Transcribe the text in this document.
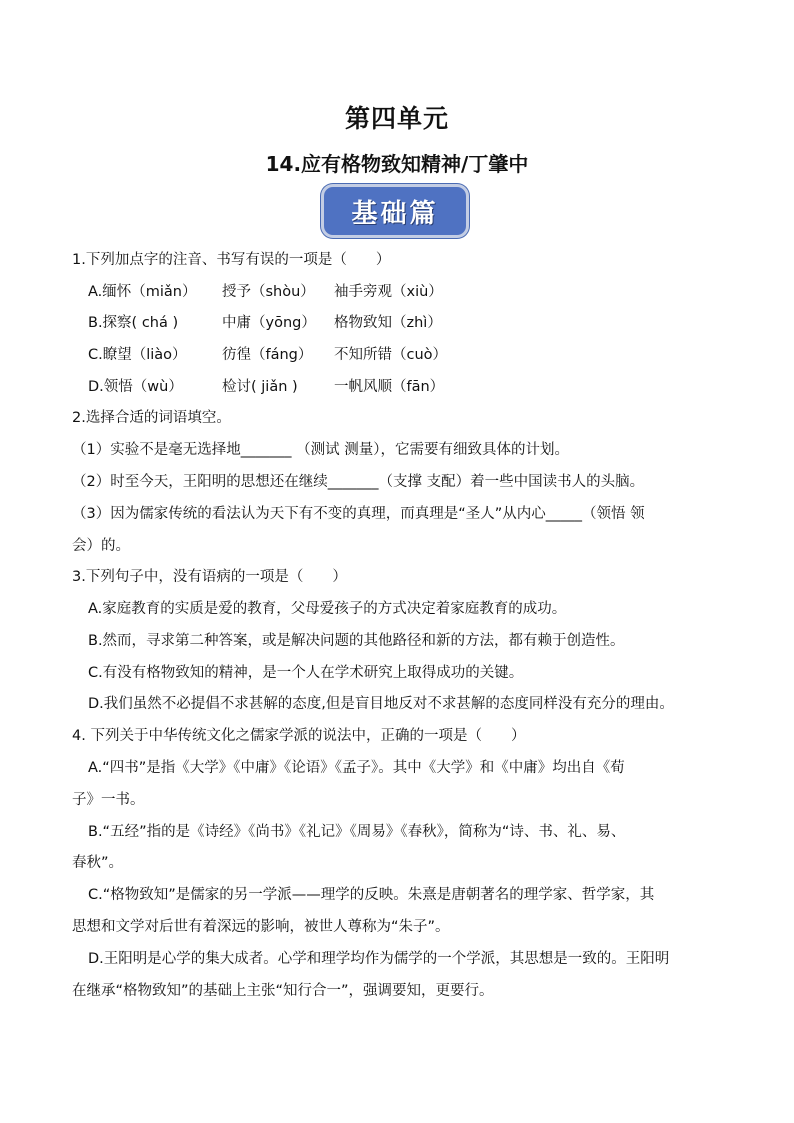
第四单元
14.应有格物致知精神/丁肇中
基础篇
1.下列加点字的注音、书写有误的一项是（　　）
A.缅怀（miǎn） 授予（shòu） 袖手旁观（xiù）
B.探察( chá )	中庸（yōng） 格物致知（zhì）
C.瞭望（liào） 彷徨（fáng） 不知所错（cuò）
D.领悟（wù）	检讨( jiǎn )	一帆风顺（fān）
2.选择合适的词语填空。
（1）实验不是毫无选择地_______ （测试 测量），它需要有细致具体的计划。
（2）时至今天，王阳明的思想还在继续_______（支撑 支配）着一些中国读书人的头脑。
（3）因为儒家传统的看法认为天下有不变的真理，而真理是“圣人”从内心_____（领悟 领
会）的。
3.下列句子中，没有语病的一项是（　　）
A.家庭教育的实质是爱的教育，父母爱孩子的方式决定着家庭教育的成功。
B.然而，寻求第二种答案，或是解决问题的其他路径和新的方法，都有赖于创造性。
C.有没有格物致知的精神，是一个人在学术研究上取得成功的关键。
D.我们虽然不必提倡不求甚解的态度,但是盲目地反对不求甚解的态度同样没有充分的理由。
4. 下列关于中华传统文化之儒家学派的说法中，正确的一项是（　　）
A.“四书”是指《大学》《中庸》《论语》《孟子》。其中《大学》和《中庸》均出自《荀
子》一书。
B.“五经”指的是《诗经》《尚书》《礼记》《周易》《春秋》，简称为“诗、书、礼、易、
春秋”。
C.“格物致知”是儒家的另一学派——理学的反映。朱熹是唐朝著名的理学家、哲学家，其
思想和文学对后世有着深远的影响，被世人尊称为“朱子”。
D.王阳明是心学的集大成者。心学和理学均作为儒学的一个学派，其思想是一致的。王阳明
在继承“格物致知”的基础上主张“知行合一”，强调要知，更要行。
